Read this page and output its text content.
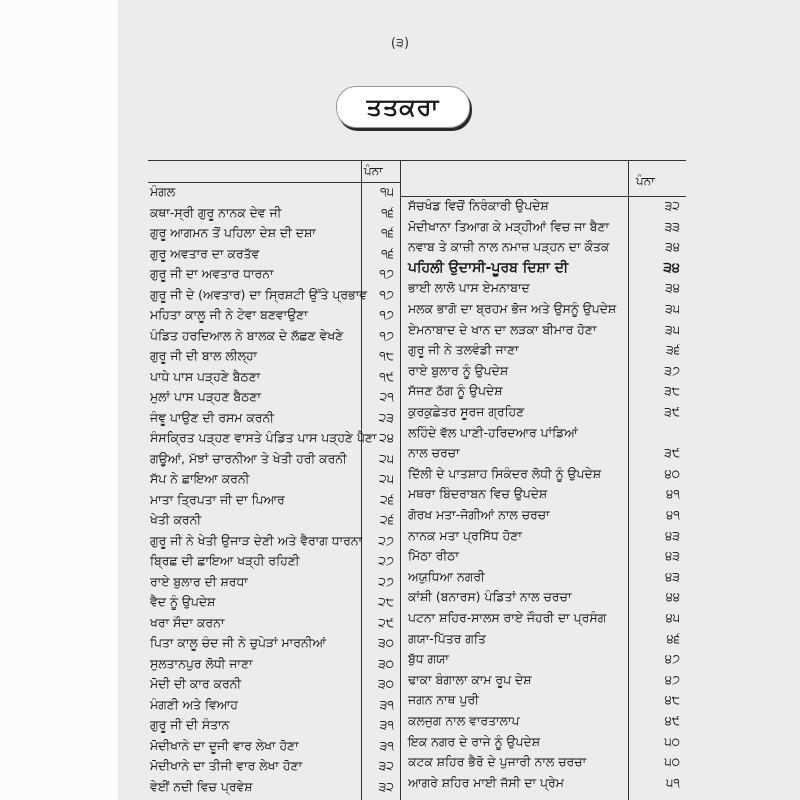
(੩)
ਤਤਕਰਾ
ਪੰਨਾ
ਪੰਨਾ
ਮੰਗਲ	੧੫
ਕਥਾ-ਸ੍ਰੀ ਗੁਰੂ ਨਾਨਕ ਦੇਵ ਜੀ	੧੬
ਗੁਰੂ ਆਗਮਨ ਤੋਂ ਪਹਿਲਾ ਦੇਸ਼ ਦੀ ਦਸ਼ਾ	੧੬
ਗੁਰੂ ਅਵਤਾਰ ਦਾ ਕਰਤੱਵ	੧੬
ਗੁਰੂ ਜੀ ਦਾ ਅਵਤਾਰ ਧਾਰਨਾ	੧੭
ਗੁਰੂ ਜੀ ਦੇ (ਅਵਤਾਰ) ਦਾ ਸ੍ਰਿਸ਼ਟੀ ਉੱਤੇ ਪ੍ਰਭਾਵ ੧੭
ਮਹਿਤਾ ਕਾਲੂ ਜੀ ਨੇ ਟੇਵਾ ਬਣਵਾਉਣਾ	੧੭
ਪੰਡਿਤ ਹਰਦਿਆਲ ਨੇ ਬਾਲਕ ਦੇ ਲੱਛਣ ਵੇਖਣੇ	੧੭
ਗੁਰੂ ਜੀ ਦੀ ਬਾਲ ਲੀਲ੍ਹਾ	੧੮
ਪਾਧੇ ਪਾਸ ਪੜ੍ਹਣੇ ਬੈਠਣਾ	੧੯
ਮੁਲਾਂ ਪਾਸ ਪੜ੍ਹਣ ਬੈਠਣਾ	੨੧
ਜੰਞੂ ਪਾਉਣ ਦੀ ਰਸਮ ਕਰਨੀ	੨੩
ਸੰਸਕ੍ਰਿਤ ਪੜ੍ਹਣ ਵਾਸਤੇ ਪੰਡਿਤ ਪਾਸ ਪੜ੍ਹਣੇ ਪੈਣਾ ੨੪
ਗਊਆਂ, ਮੱਝਾਂ ਚਾਰਨੀਆ ਤੇ ਖੇਤੀ ਹਰੀ ਕਰਨੀ	੨੫
ਸੱਪ ਨੇ ਛਾਇਆ ਕਰਨੀ	੨੫
ਮਾਤਾ ਤ੍ਰਿਪਤਾ ਜੀ ਦਾ ਪਿਆਰ	੨੬
ਖੇਤੀ ਕਰਨੀ	੨੬
ਗੁਰੂ ਜੀ ਨੇ ਖੇਤੀ ਉਜਾੜ ਦੇਣੀ ਅਤੇ ਵੈਰਾਗ ਧਾਰਨਾ	੨੭
ਬ੍ਰਿਛ ਦੀ ਛਾਇਆ ਖੜ੍ਹੀ ਰਹਿਣੀ	੨੭
ਰਾਏ ਬੁਲਾਰ ਦੀ ਸ਼ਰਧਾ	੨੭
ਵੈਦ ਨੂੰ ਉਪਦੇਸ਼	੨੮
ਖਰਾ ਸੌਦਾ ਕਰਨਾ	੨੯
ਪਿਤਾ ਕਾਲੂ ਚੰਦ ਜੀ ਨੇ ਚੁਪੇੜਾਂ ਮਾਰਨੀਆਂ	੩੦
ਸੁਲਤਾਨਪੁਰ ਲੋਧੀ ਜਾਣਾ	੩੦
ਮੋਦੀ ਦੀ ਕਾਰ ਕਰਨੀ	੩੦
ਮੰਗਣੀ ਅਤੇ ਵਿਆਹ	੩੧
ਗੁਰੂ ਜੀ ਦੀ ਸੰਤਾਨ	੩੧
ਮੋਦੀਖਾਨੇ ਦਾ ਦੂਜੀ ਵਾਰ ਲੇਖਾ ਹੋਣਾ	੩੧
ਮੋਦੀਖਾਨੇ ਦਾ ਤੀਜੀ ਵਾਰ ਲੇਖਾ ਹੋਣਾ	੩੨
ਵੇਈਂ ਨਦੀ ਵਿਚ ਪ੍ਰਵੇਸ਼	੩੨
ਸੱਚਖੰਡ ਵਿਚੋਂ ਨਿਰੰਕਾਰੀ ਉਪਦੇਸ਼	੩੨
ਮੋਦੀਖਾਨਾ ਤਿਆਗ ਕੇ ਮੜ੍ਹੀਆਂ ਵਿਚ ਜਾ ਬੈਣਾ	੩੩
ਨਵਾਬ ਤੇ ਕਾਜ਼ੀ ਨਾਲ ਨਮਾਜ਼ ਪੜ੍ਹਨ ਦਾ ਕੌਤਕ	੩੪
ਪਹਿਲੀ ਉਦਾਸੀ-ਪੂਰਬ ਦਿਸ਼ਾ ਦੀ	੩੪
ਭਾਈ ਲਾਲੋ ਪਾਸ ਏਮਨਾਬਾਦ	੩੪
ਮਲਕ ਭਾਗੋ ਦਾ ਬ੍ਰਹਮ ਭੋਜ ਅਤੇ ਉਸਨੂੰ ਉਪਦੇਸ਼	੩੫
ਏਮਨਾਬਾਦ ਦੇ ਖਾਨ ਦਾ ਲੜਕਾ ਬੀਮਾਰ ਹੋਣਾ	੩੫
ਗੁਰੂ ਜੀ ਨੇ ਤਲਵੰਡੀ ਜਾਣਾ	੩੬
ਰਾਏ ਬੁਲਾਰ ਨੂੰ ਉਪਦੇਸ਼	੩੭
ਸੱਜਣ ਠੱਗ ਨੂੰ ਉਪਦੇਸ਼	੩੮
ਕੁਰਕੁਛੇਤਰ ਸੂਰਜ ਗ੍ਰਹਿਣ	੩੯
ਲਹਿੰਦੇ ਵੱਲ ਪਾਣੀ-ਹਰਿਦਆਰ ਪਾਂਡਿਆਂ
ਨਾਲ ਚਰਚਾ	੩੯
ਦਿੱਲੀ ਦੇ ਪਾਤਸ਼ਾਹ ਸਿਕੰਦਰ ਲੋਧੀ ਨੂੰ ਉਪਦੇਸ਼	੪੦
ਮਥਰਾ ਬਿੰਦਰਾਬਨ ਵਿਚ ਉਪਦੇਸ਼	੪੧
ਗੋਰਖ ਮਤਾ-ਜੋਗੀਆਂ ਨਾਲ ਚਰਚਾ	੪੧
ਨਾਨਕ ਮਤਾ ਪ੍ਰਸਿੱਧ ਹੋਣਾ	੪੩
ਮਿੱਠਾ ਰੀਠਾ	੪੩
ਅਯੁਧਿਆ ਨਗਰੀ	੪੩
ਕਾਂਸ਼ੀ (ਬਨਾਰਸ) ਪੰਡਿਤਾਂ ਨਾਲ ਚਰਚਾ	੪੪
ਪਟਨਾ ਸ਼ਹਿਰ-ਸਾਲਸ ਰਾਏ ਜੌਹਰੀ ਦਾ ਪ੍ਰਸੰਗ	੪੫
ਗਯਾ-ਪਿੱਤਰ ਗਤਿ	੪੬
ਬੁੱਧ ਗਯਾ	੪੭
ਢਾਕਾ ਬੰਗਾਲਾ ਕਾਮ ਰੂਪ ਦੇਸ਼	੪੭
ਜਗਨ ਨਾਥ ਪੁਰੀ	੪੮
ਕਲਜੁਗ ਨਾਲ ਵਾਰਤਾਲਾਪ	੪੯
ਇਕ ਨਗਰ ਦੇ ਰਾਜੇ ਨੂੰ ਉਪਦੇਸ਼	੫੦
ਕਟਕ ਸ਼ਹਿਰ ਭੈਰੋ ਦੇ ਪੁਜਾਰੀ ਨਾਲ ਚਰਚਾ	੫੦
ਆਗਰੇ ਸ਼ਹਿਰ ਮਾਈ ਜੱਸੀ ਦਾ ਪ੍ਰੇਮ	੫੧
